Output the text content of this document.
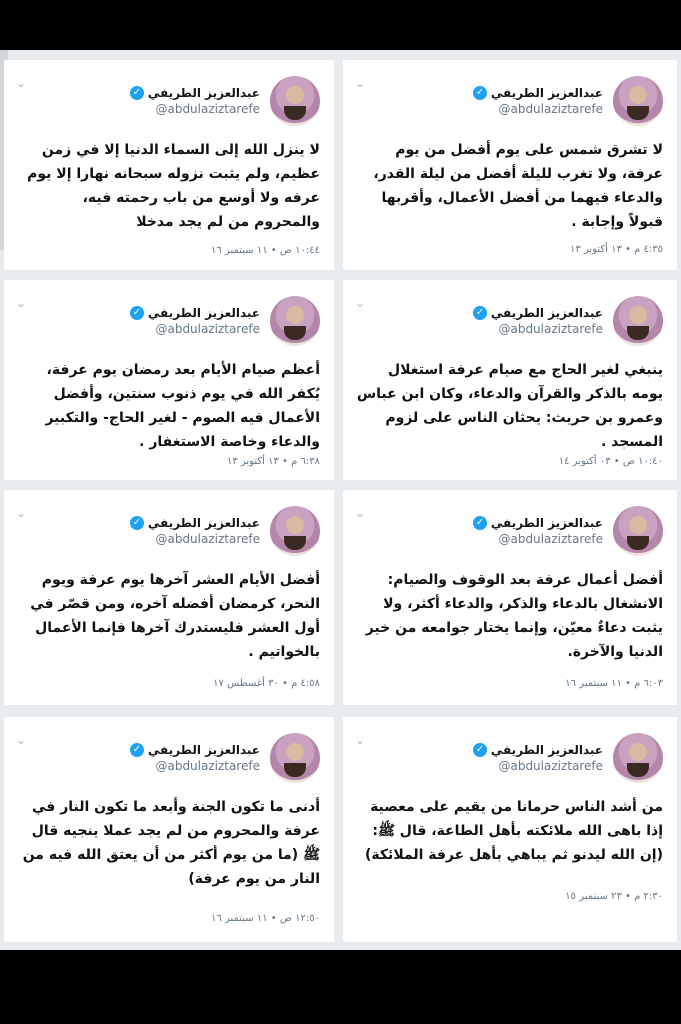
عبدالعزيز الطريفي
✓
@abdulaziztarefe
⌄

لا ينزل الله إلى السماء الدنيا إلا في زمن عظيم، ولم يثبت نزوله سبحانه نهارا إلا يوم عرفه ولا أوسع من باب رحمته فيه، والمحروم من لم يجد مدخلا

١٠:٤٤ ص • ١١ سبتمبر ١٦
عبدالعزيز الطريفي
✓
@abdulaziztarefe
⌄

لا تشرق شمس على يوم أفضل من يوم عرفة، ولا تغرب لليلة أفضل من ليلة القدر، والدعاء فيهما من أفضل الأعمال، وأقربها قبولاً وإجابة .

٤:٣٥ م • ١٣ أكتوبر ١٣
عبدالعزيز الطريفي
✓
@abdulaziztarefe
⌄

أعظم صيام الأيام بعد رمضان يوم عرفة، يُكفر الله في يوم ذنوب سنتين، وأفضل الأعمال فيه الصوم - لغير الحاج- والتكبير والدعاء وخاصة الاستغفار .

٦:٣٨ م • ١٣ أكتوبر ١٣
عبدالعزيز الطريفي
✓
@abdulaziztarefe
⌄

ينبغي لغير الحاج مع صيام عرفة استغلال يومه بالذكر والقرآن والدعاء، وكان ابن عباس وعمرو بن حريث: يحثان الناس على لزوم المسجد .

١٠:٤٠ ص • ٠٣ أكتوبر ١٤
عبدالعزيز الطريفي
✓
@abdulaziztarefe
⌄

أفضل الأيام العشر آخرها يوم عرفة ويوم النحر، كرمضان أفضله آخره، ومن قصّر في أول العشر فليستدرك آخرها فإنما الأعمال بالخواتيم .

٤:٥٨ م • ٣٠ أغسطس ١٧
عبدالعزيز الطريفي
✓
@abdulaziztarefe
⌄

أفضل أعمال عرفة بعد الوقوف والصيام: الانشغال بالدعاء والذكر، والدعاء أكثر، ولا يثبت دعاءٌ معيّن، وإنما يختار جوامعه من خير الدنيا والآخرة.

٦:٠٣ م • ١١ سبتمبر ١٦
عبدالعزيز الطريفي
✓
@abdulaziztarefe
⌄

أدنى ما تكون الجنة وأبعد ما تكون النار في عرفة والمحروم من لم يجد عملا ينجيه قال ﷺ (ما من يوم أكثر من أن يعتق الله فيه من النار من يوم عرفة)

١٢:٥٠ ص • ١١ سبتمبر ١٦
عبدالعزيز الطريفي
✓
@abdulaziztarefe
⌄

من أشد الناس حرمانا من يقيم على معصية إذا باهى الله ملائكته بأهل الطاعة، قال ﷺ: (إن الله ليدنو ثم يباهي بأهل عرفة الملائكة)

٢:٣٠ م • ٢٣ سبتمبر ١٥
